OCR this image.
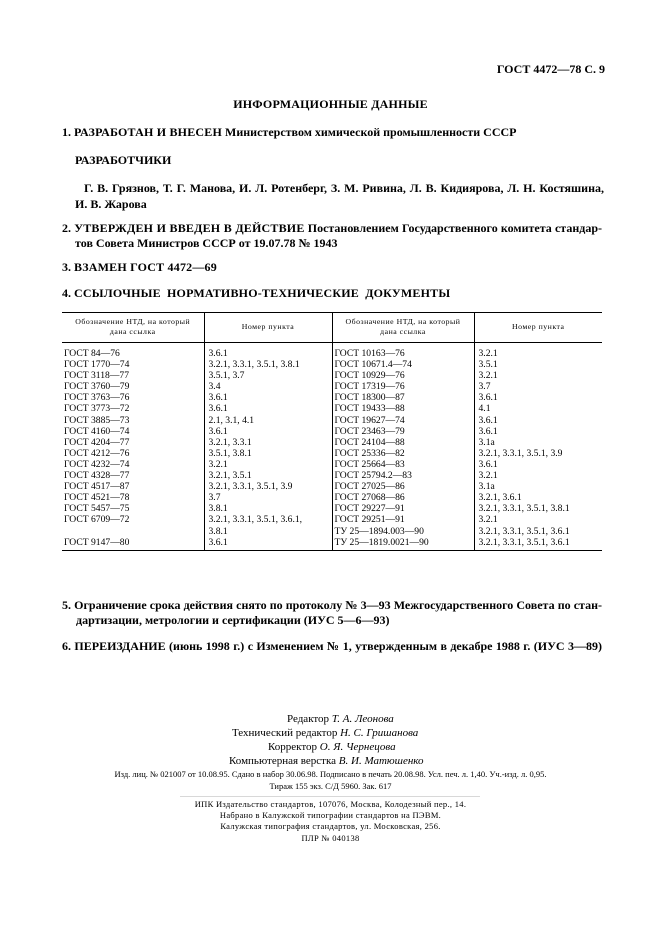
ГОСТ 4472—78 С. 9
ИНФОРМАЦИОННЫЕ ДАННЫЕ
1. РАЗРАБОТАН И ВНЕСЕН Министерством химической промышленности СССР
РАЗРАБОТЧИКИ
Г. В. Грязнов, Т. Г. Манова, И. Л. Ротенберг, З. М. Ривина, Л. В. Кидиярова, Л. Н. Костяшина,
И. В. Жарова
2. УТВЕРЖДЕН И ВВЕДЕН В ДЕЙСТВИЕ Постановлением Государственного комитета стандар-
тов Совета Министров СССР от 19.07.78 № 1943
3. ВЗАМЕН ГОСТ 4472—69
4. ССЫЛОЧНЫЕ НОРМАТИВНО-ТЕХНИЧЕСКИЕ ДОКУМЕНТЫ
Обозначение НТД, на который
дана ссылка	Номер пункта	Обозначение НТД, на который
дана ссылка	Номер пункта
ГОСТ 84—76	3.6.1	ГОСТ 10163—76	3.2.1
ГОСТ 1770—74	3.2.1, 3.3.1, 3.5.1, 3.8.1	ГОСТ 10671.4—74	3.5.1
ГОСТ 3118—77	3.5.1, 3.7	ГОСТ 10929—76	3.2.1
ГОСТ 3760—79	3.4	ГОСТ 17319—76	3.7
ГОСТ 3763—76	3.6.1	ГОСТ 18300—87	3.6.1
ГОСТ 3773—72	3.6.1	ГОСТ 19433—88	4.1
ГОСТ 3885—73	2.1, 3.1, 4.1	ГОСТ 19627—74	3.6.1
ГОСТ 4160—74	3.6.1	ГОСТ 23463—79	3.6.1
ГОСТ 4204—77	3.2.1, 3.3.1	ГОСТ 24104—88	3.1а
ГОСТ 4212—76	3.5.1, 3.8.1	ГОСТ 25336—82	3.2.1, 3.3.1, 3.5.1, 3.9
ГОСТ 4232—74	3.2.1	ГОСТ 25664—83	3.6.1
ГОСТ 4328—77	3.2.1, 3.5.1	ГОСТ 25794.2—83	3.2.1
ГОСТ 4517—87	3.2.1, 3.3.1, 3.5.1, 3.9	ГОСТ 27025—86	3.1а
ГОСТ 4521—78	3.7	ГОСТ 27068—86	3.2.1, 3.6.1
ГОСТ 5457—75	3.8.1	ГОСТ 29227—91	3.2.1, 3.3.1, 3.5.1, 3.8.1
ГОСТ 6709—72	3.2.1, 3.3.1, 3.5.1, 3.6.1,	ГОСТ 29251—91	3.2.1
	3.8.1	ТУ 25—1894.003—90	3.2.1, 3.3.1, 3.5.1, 3.6.1
ГОСТ 9147—80	3.6.1	ТУ 25—1819.0021—90	3.2.1, 3.3.1, 3.5.1, 3.6.1
5. Ограничение срока действия снято по протоколу № 3—93 Межгосударственного Совета по стан-
дартизации, метрологии и сертификации (ИУС 5—6—93)
6. ПЕРЕИЗДАНИЕ (июнь 1998 г.) с Изменением № 1, утвержденным в декабре 1988 г. (ИУС 3—89)
Редактор Т. А. Леонова
Технический редактор Н. С. Гришанова
Корректор О. Я. Чернецова
Компьютерная верстка В. И. Матюшенко
Изд. лиц. № 021007 от 10.08.95. Сдано в набор 30.06.98. Подписано в печать 20.08.98. Усл. печ. л. 1,40. Уч.-изд. л. 0,95.
Тираж 155 экз. С/Д 5960. Зак. 617
ИПК Издательство стандартов, 107076, Москва, Колодезный пер., 14.
Набрано в Калужской типографии стандартов на ПЭВМ.
Калужская типография стандартов, ул. Московская, 256.
ПЛР № 040138
